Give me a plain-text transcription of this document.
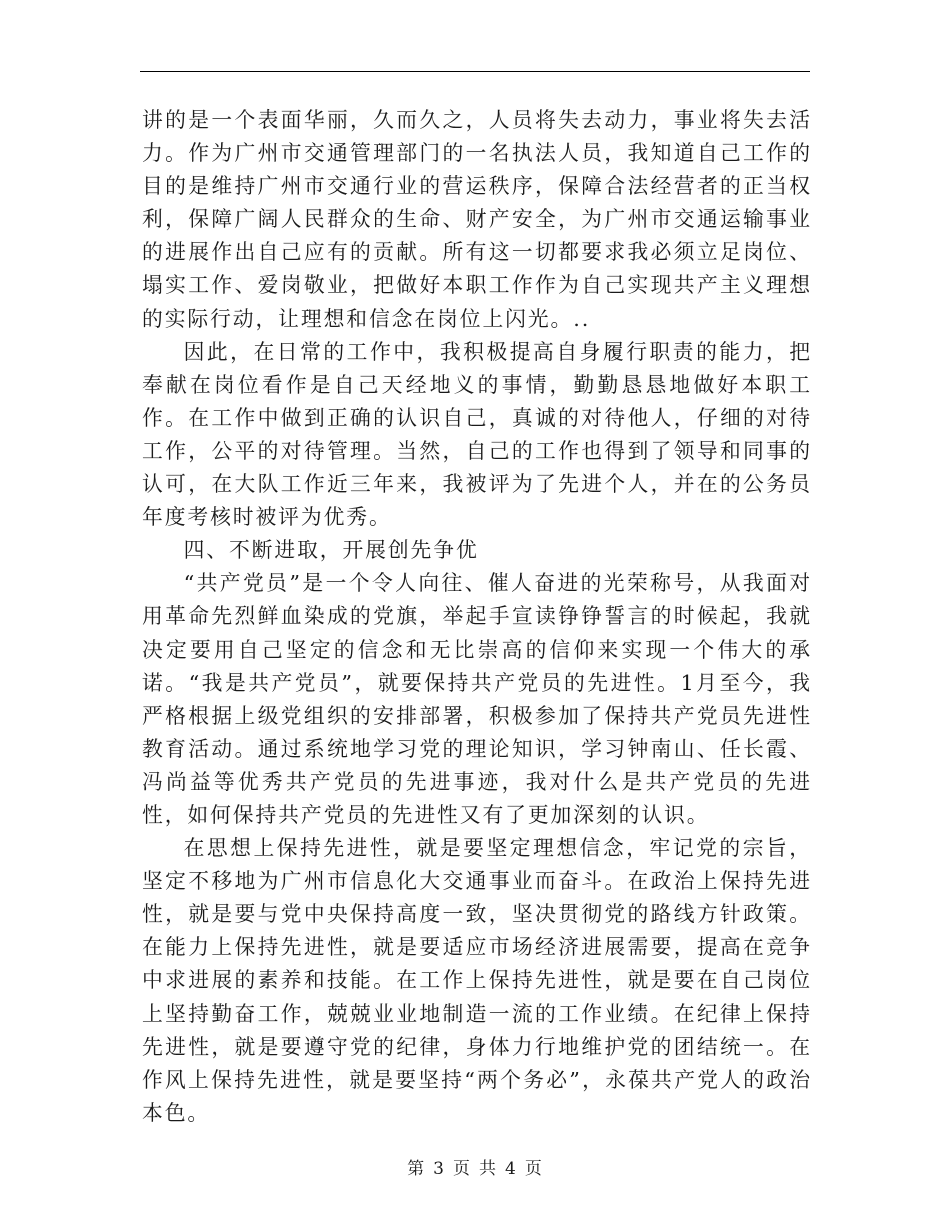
讲的是一个表面华丽，久而久之，人员将失去动力，事业将失去活力。作为广州市交通管理部门的一名执法人员，我知道自己工作的目的是维持广州市交通行业的营运秩序，保障合法经营者的正当权利，保障广阔人民群众的生命、财产安全，为广州市交通运输事业的进展作出自己应有的贡献。所有这一切都要求我必须立足岗位、塌实工作、爱岗敬业，把做好本职工作作为自己实现共产主义理想的实际行动，让理想和信念在岗位上闪光。..

因此，在日常的工作中，我积极提高自身履行职责的能力，把奉献在岗位看作是自己天经地义的事情，勤勤恳恳地做好本职工作。在工作中做到正确的认识自己，真诚的对待他人，仔细的对待工作，公平的对待管理。当然，自己的工作也得到了领导和同事的认可，在大队工作近三年来，我被评为了先进个人，并在的公务员年度考核时被评为优秀。

四、不断进取，开展创先争优

“共产党员”是一个令人向往、催人奋进的光荣称号，从我面对用革命先烈鲜血染成的党旗，举起手宣读铮铮誓言的时候起，我就决定要用自己坚定的信念和无比崇高的信仰来实现一个伟大的承诺。“我是共产党员”，就要保持共产党员的先进性。1月至今，我严格根据上级党组织的安排部署，积极参加了保持共产党员先进性教育活动。通过系统地学习党的理论知识，学习钟南山、任长霞、冯尚益等优秀共产党员的先进事迹，我对什么是共产党员的先进性，如何保持共产党员的先进性又有了更加深刻的认识。

在思想上保持先进性，就是要坚定理想信念，牢记党的宗旨，坚定不移地为广州市信息化大交通事业而奋斗。在政治上保持先进性，就是要与党中央保持高度一致，坚决贯彻党的路线方针政策。在能力上保持先进性，就是要适应市场经济进展需要，提高在竞争中求进展的素养和技能。在工作上保持先进性，就是要在自己岗位上坚持勤奋工作，兢兢业业地制造一流的工作业绩。在纪律上保持先进性，就是要遵守党的纪律，身体力行地维护党的团结统一。在作风上保持先进性，就是要坚持“两个务必”，永葆共产党人的政治本色。

第 3 页 共 4 页
